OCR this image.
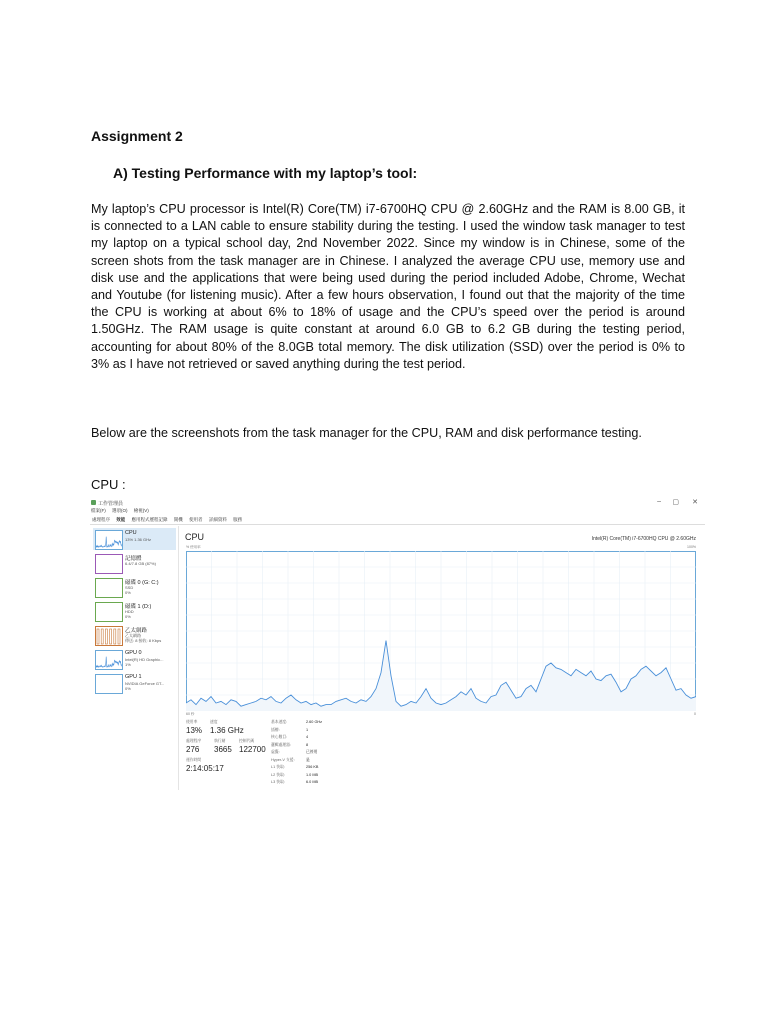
Assignment 2
A) Testing Performance with my laptop’s tool:

My laptop’s CPU processor is Intel(R) Core(TM) i7-6700HQ CPU @ 2.60GHz and the RAM is 8.00 GB, it is connected to a LAN cable to ensure stability during the testing. I used the window task manager to test my laptop on a typical school day, 2nd November 2022. Since my window is in Chinese, some of the screen shots from the task manager are in Chinese. I analyzed the average CPU use, memory use and disk use and the applications that were being used during the period included Adobe, Chrome, Wechat and Youtube (for listening music). After a few hours observation, I found out that the majority of the time the CPU is working at about 6% to 18% of usage and the CPU’s speed over the period is around 1.50GHz. The RAM usage is quite constant at around 6.0 GB to 6.2 GB during the testing period, accounting for about 80% of the 8.0GB total memory. The disk utilization (SSD) over the period is 0% to 3% as I have not retrieved or saved anything during the test period.

Below are the screenshots from the task manager for the CPU, RAM and disk performance testing.

CPU :
工作管理員	– ▢ ✕
檔案(F) 選項(O) 檢視(V)
處理程序 效能 應用程式歷程記錄 開機 使用者 詳細資料 服務
CPU
13% 1.36 GHz
記憶體
6.4/7.8 GB (87%)
磁碟 0 (G: C:)
SSD
0%
磁碟 1 (D:)
HDD
0%
乙太網路
乙太網路
傳送: 8 接收: 8 Kbps
GPU 0
Intel(R) HD Graphic...
1%
GPU 1
NVIDIA GeForce GT...
0%
CPU	Intel(R) Core(TM) i7-6700HQ CPU @ 2.60GHz
% 使用率	100%
60 秒	0
使用率
13%
速度
1.36 GHz
處理程序
276
執行緒
3665
控制代碼
122700
運作時間
2:14:05:17
基本速度:	2.60 GHz
插槽:	1
核心數目:	4
邏輯處理器:	8
虛擬:	已停用
Hyper-V 支援:	是
L1 快取:	256 KB
L2 快取:	1.0 MB
L3 快取:	6.0 MB
